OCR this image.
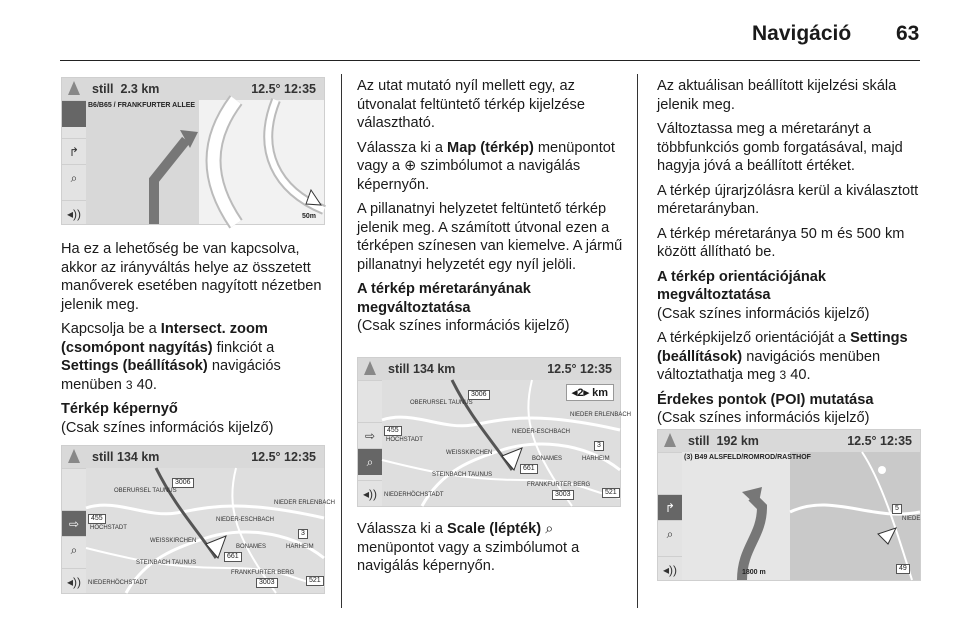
Navigáció 63
still 2.3 km	12.5° 12:35
↱
⌕
◂))
B6/B65 / FRANKFURTER ALLEE
50m

Ha ez a lehetőség be van kapcsolva, akkor az irányváltás helye az összetett manőverek esetében nagyított nézetben jelenik meg.

Kapcsolja be a Intersect. zoom (csomópont nagyítás) finkciót a Settings (beállítások) navigációs menüben 3 40.

Térkép képernyő

(Csak színes információs kijelző)

still 134 km	12.5° 12:35
⇨
⌕
◂))
OBERURSEL TAUNUS
NIEDER ERLENBACH
HÖCHSTADT
NIEDER-ESCHBACH
WEISSKIRCHEN
BONAMES	HARHEIM
STEINBACH TAUNUS
FRANKFURTER BERG
NIEDERHÖCHSTADT
3006
455
661
3
3003	521

Az utat mutató nyíl mellett egy, az útvonalat feltüntető térkép kijelzése választható.

Válassza ki a Map (térkép) menüpontot vagy a ⊕ szimbólumot a navigálás képernyőn.

A pillanatnyi helyzetet feltüntető térkép jelenik meg. A számított útvonal ezen a térképen színesen van kiemelve. A jármű pillanatnyi helyzetét egy nyíl jelöli.

A térkép méretarányának megváltoztatása

(Csak színes információs kijelző)

still 134 km	12.5° 12:35
⇨
⌕
◂))
◂2▸ km
OBERURSEL TAUNUS
NIEDER ERLENBACH
HÖCHSTADT
NIEDER-ESCHBACH
WEISSKIRCHEN
BONAMES	HARHEIM
STEINBACH TAUNUS
FRANKFURTER BERG
NIEDERHÖCHSTADT
3006
455
661
3
3003	521

Válassza ki a Scale (lépték) ⌕
menüpontot vagy a szimbólumot a navigálás képernyőn.

Az aktuálisan beállított kijelzési skála jelenik meg.

Változtassa meg a méretarányt a többfunkciós gomb forgatásával, majd hagyja jóvá a beállított értéket.

A térkép újrarjzólásra kerül a kiválasztott méretarányban.

A térkép méretaránya 50 m és 500 km között állítható be.

A térkép orientációjának megváltoztatása

(Csak színes információs kijelző)

A térképkijelző orientációját a Settings (beállítások) navigációs menüben változtathatja meg 3 40.

Érdekes pontok (POI) mutatása

(Csak színes információs kijelző)

still 192 km	12.5° 12:35
↱
⌕
◂))
(3) B49 ALSFELD/ROMROD/RASTHOF
5
49
NIEDE
1800 m
